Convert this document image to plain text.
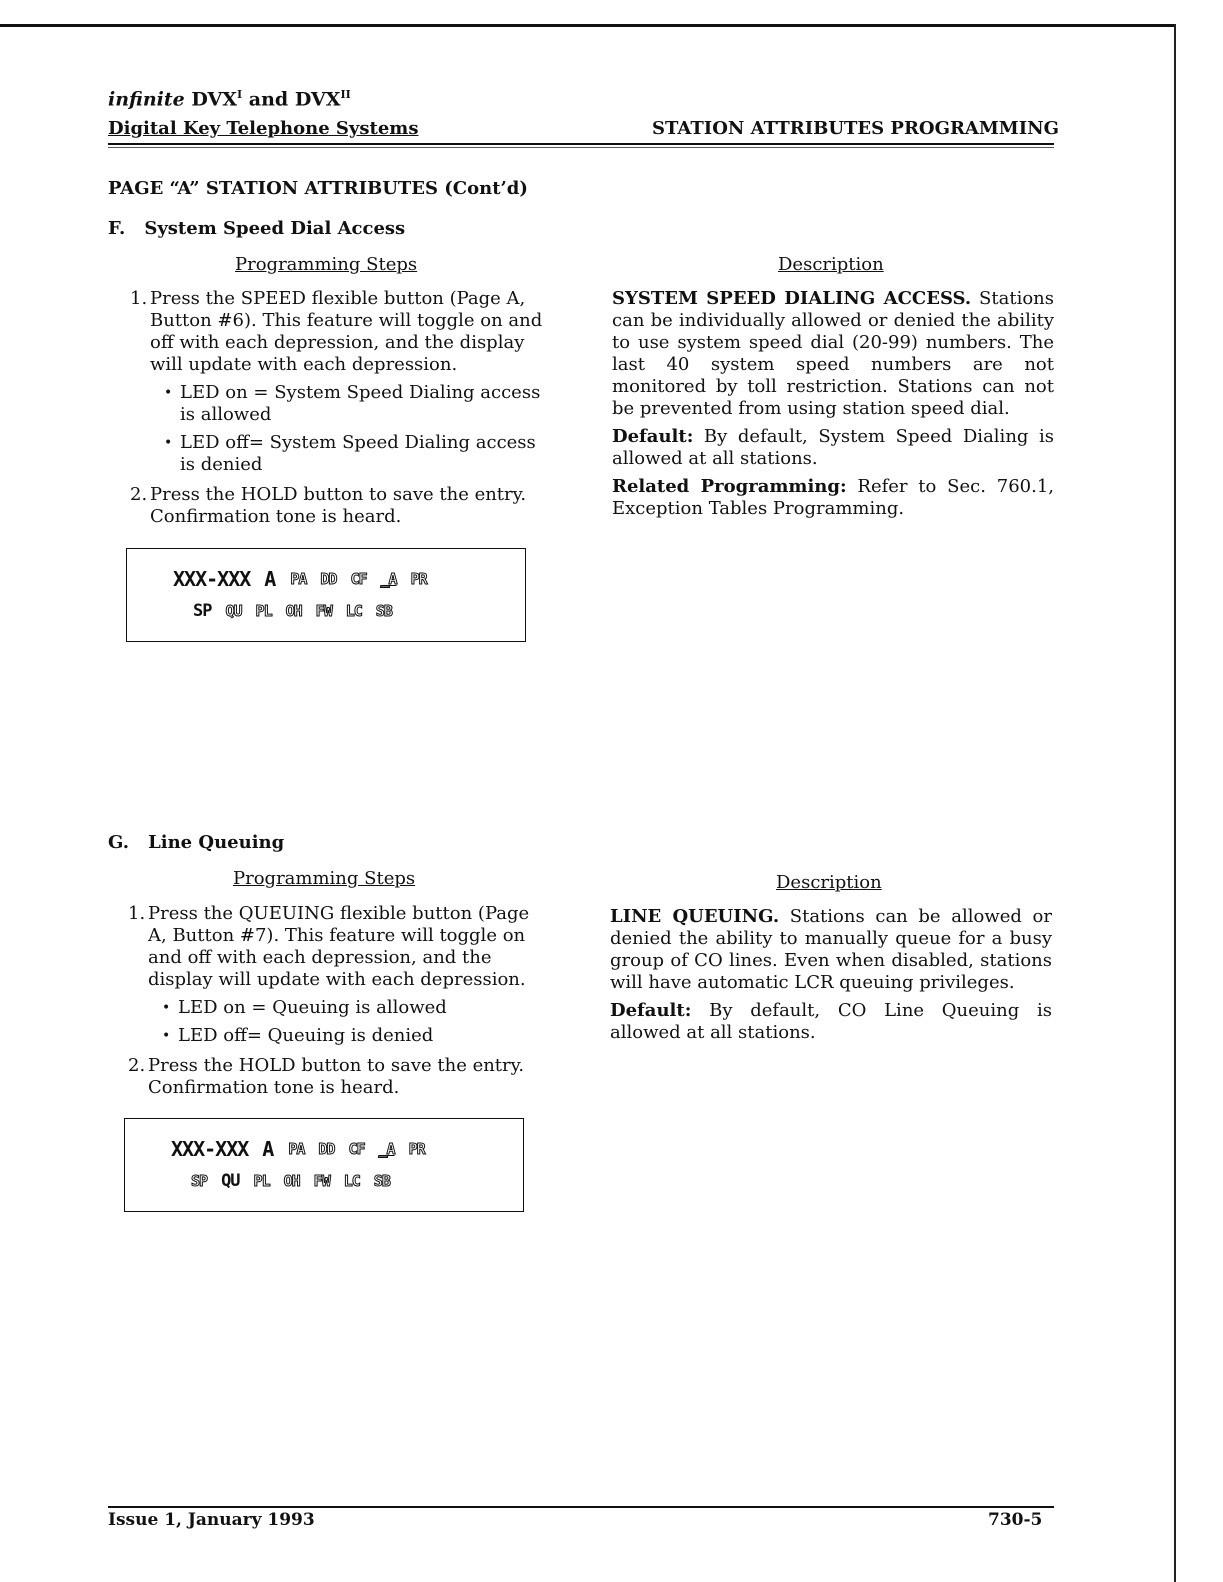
infinite $DVX^I$ and $DVX^{II}$
Digital Key Telephone Systems	STATION ATTRIBUTES PROGRAMMING
PAGE “A” STATION ATTRIBUTES (Cont’d)
F. System Speed Dial Access
Programming Steps	Description
1. Press the SPEED flexible button (Page A, Button #6). This feature will toggle on and off with each depression, and the display will update with each depression.
• LED on = System Speed Dialing access is allowed
• LED off= System Speed Dialing access is denied
2. Press the HOLD button to save the entry. Confirmation tone is heard.

SYSTEM SPEED DIALING ACCESS. Stations can be individually allowed or denied the ability to use system speed dial (20-99) numbers. The last 40 system speed numbers are not monitored by toll restriction. Stations can not be prevented from using station speed dial.

Default: By default, System Speed Dialing is allowed at all stations.

Related Programming: Refer to Sec. 760.1, Exception Tables Programming.

XXX-XXX A PA DD CF _A PR
SP QU PL OH FW LC SB
G. Line Queuing
Programming Steps	Description
1. Press the QUEUING flexible button (Page A, Button #7). This feature will toggle on and off with each depression, and the display will update with each depression.
• LED on = Queuing is allowed
• LED off= Queuing is denied
2. Press the HOLD button to save the entry. Confirmation tone is heard.

LINE QUEUING. Stations can be allowed or denied the ability to manually queue for a busy group of CO lines. Even when disabled, stations will have automatic LCR queuing privileges.

Default: By default, CO Line Queuing is allowed at all stations.

XXX-XXX A PA DD CF _A PR
SP QU PL OH FW LC SB
Issue 1, January 1993	730-5
